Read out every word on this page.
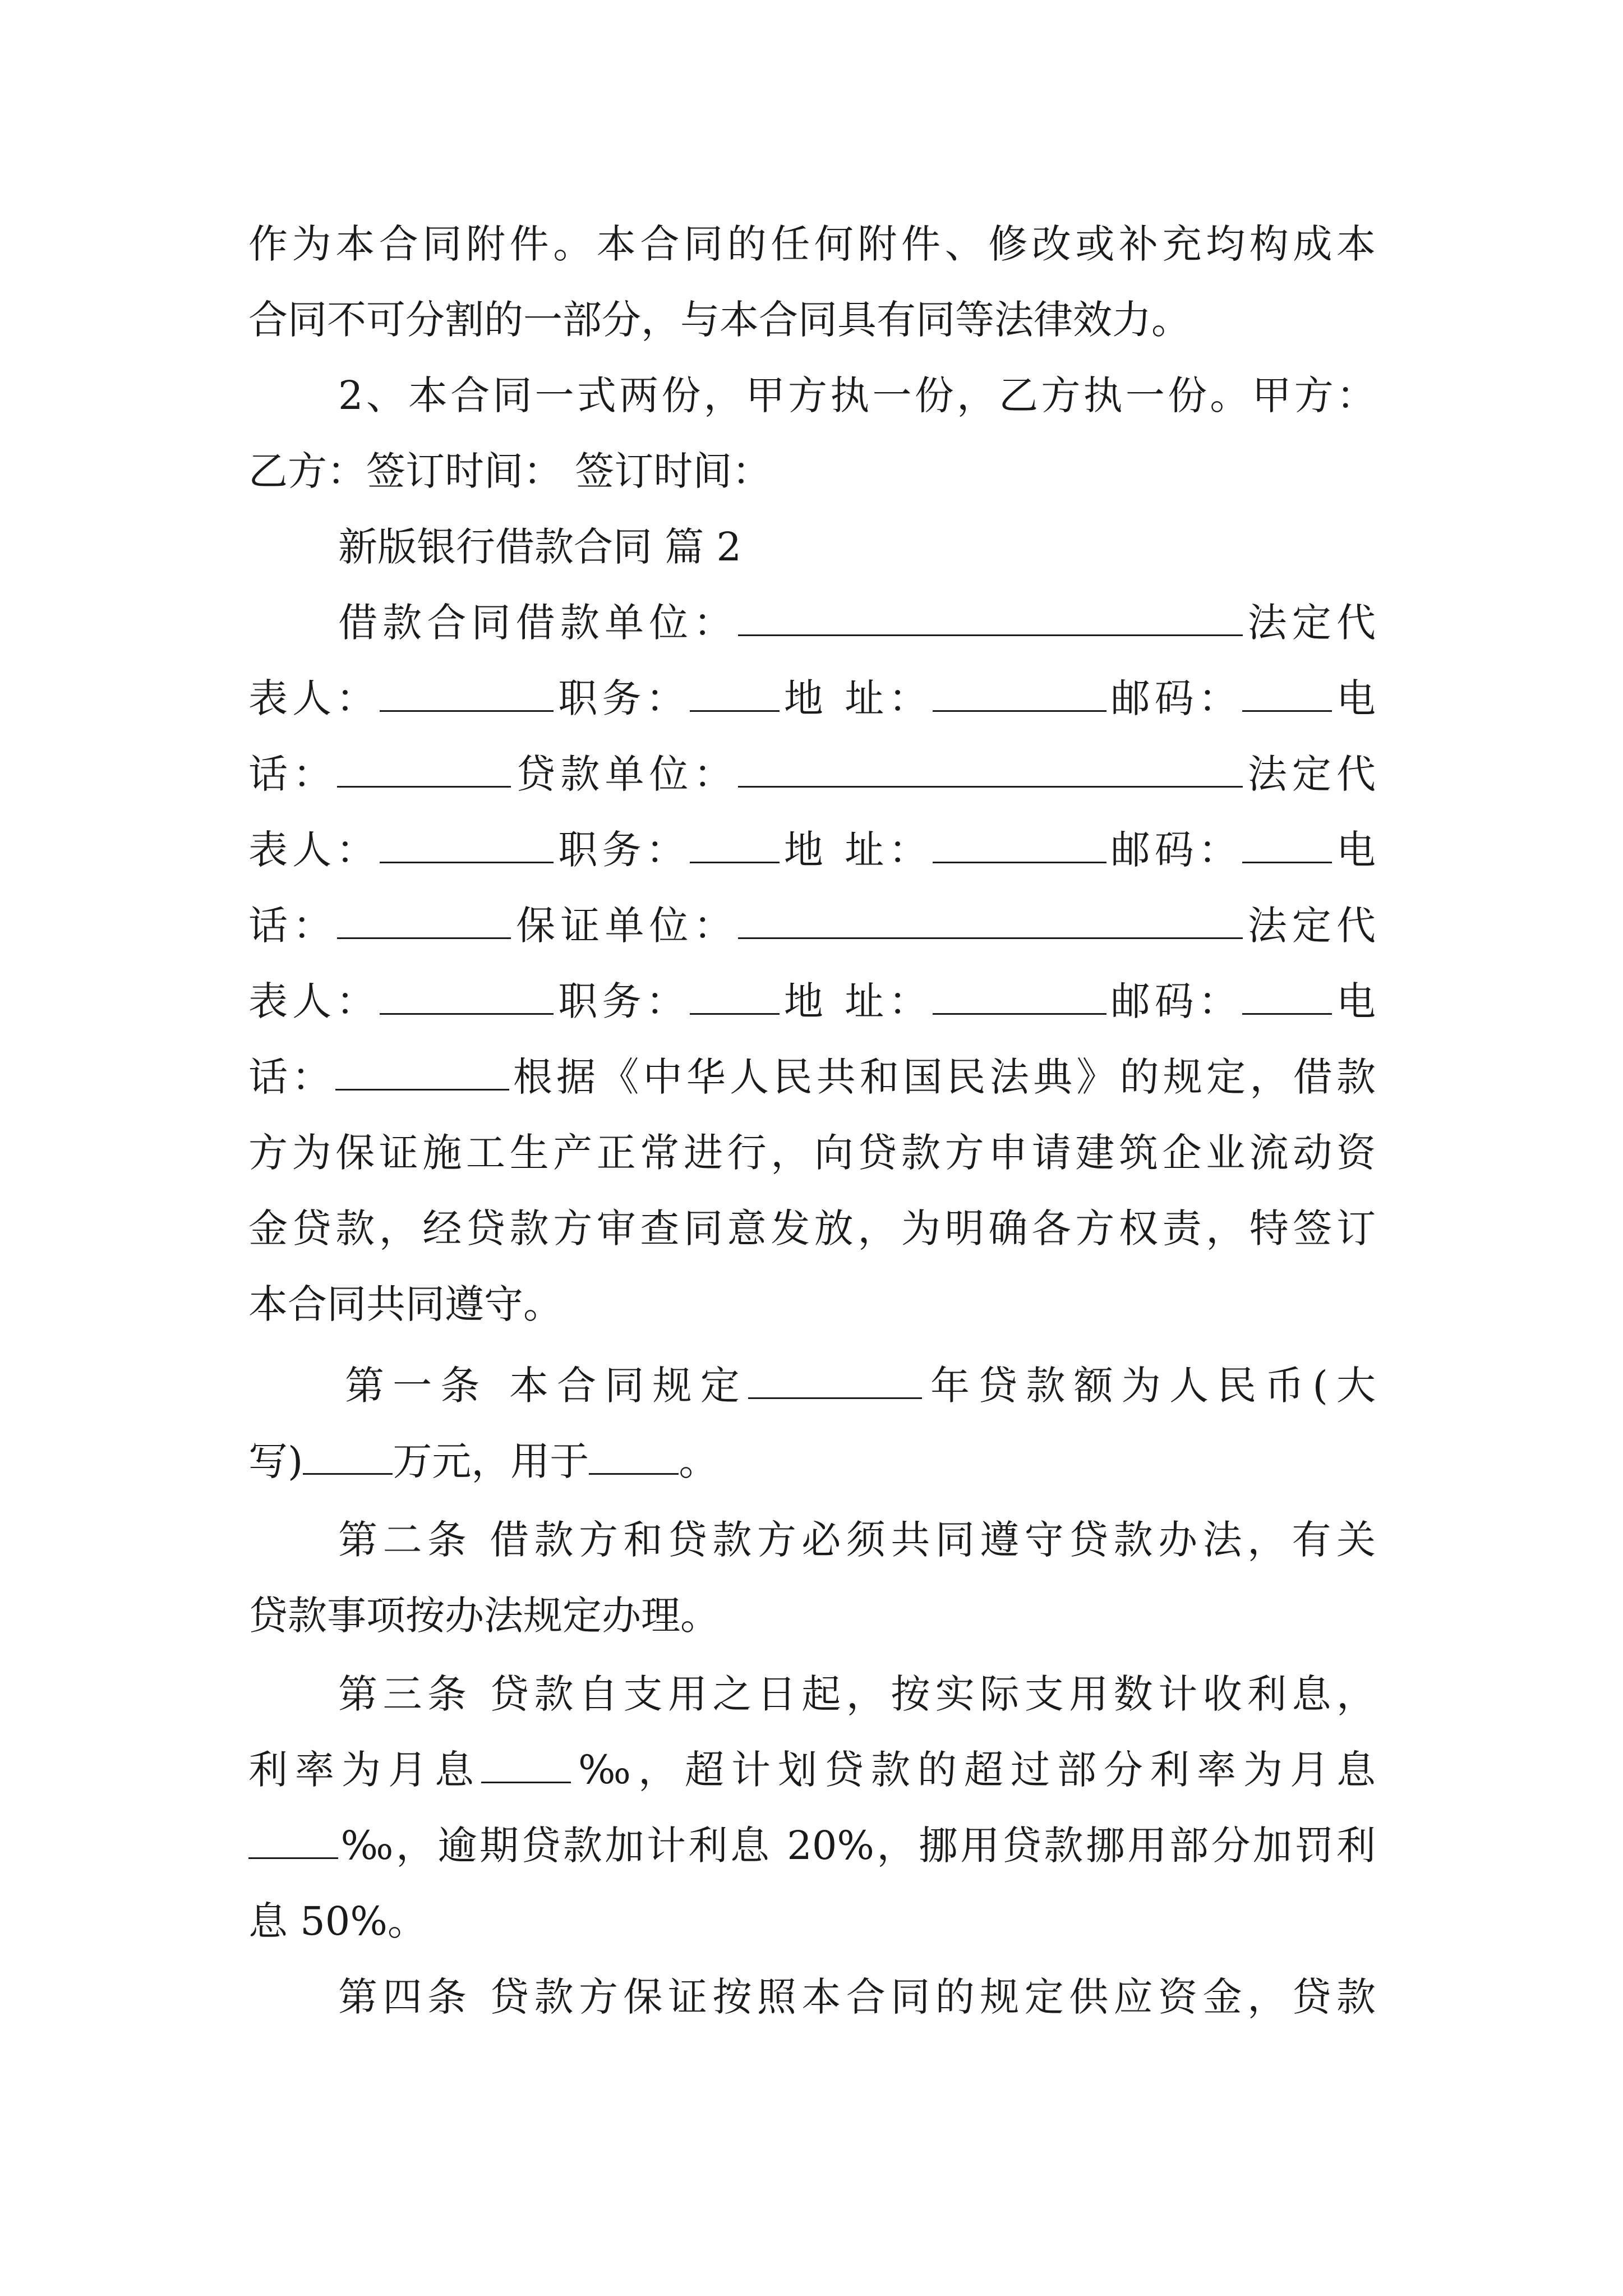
作为本合同附件。本合同的任何附件、修改或补充均构成本
合同不可分割的一部分，与本合同具有同等法律效力。
2、本合同一式两份，甲方执一份，乙方执一份。甲方：
乙方：签订时间： 签订时间：
新版银行借款合同 篇 2
借款合同借款单位：	法定代
表人：	职务： 地 址：	邮码： 电
话：	贷款单位：	法定代
表人：	职务： 地 址：	邮码： 电
话：	保证单位：	法定代
表人：	职务： 地 址：	邮码： 电
话：	根据《中华人民共和国民法典》的规定，借款
方为保证施工生产正常进行，向贷款方申请建筑企业流动资
金贷款，经贷款方审查同意发放，为明确各方权责，特签订
本合同共同遵守。
第一条 本合同规定	年贷款额为人民币(大
写) 万元，用于 。
第二条 借款方和贷款方必须共同遵守贷款办法，有关
贷款事项按办法规定办理。
第三条 贷款自支用之日起，按实际支用数计收利息，
利率为月息 ‰，超计划贷款的超过部分利率为月息
‰，逾期贷款加计利息 20%，挪用贷款挪用部分加罚利
息 50%。
第四条 贷款方保证按照本合同的规定供应资金，贷款
